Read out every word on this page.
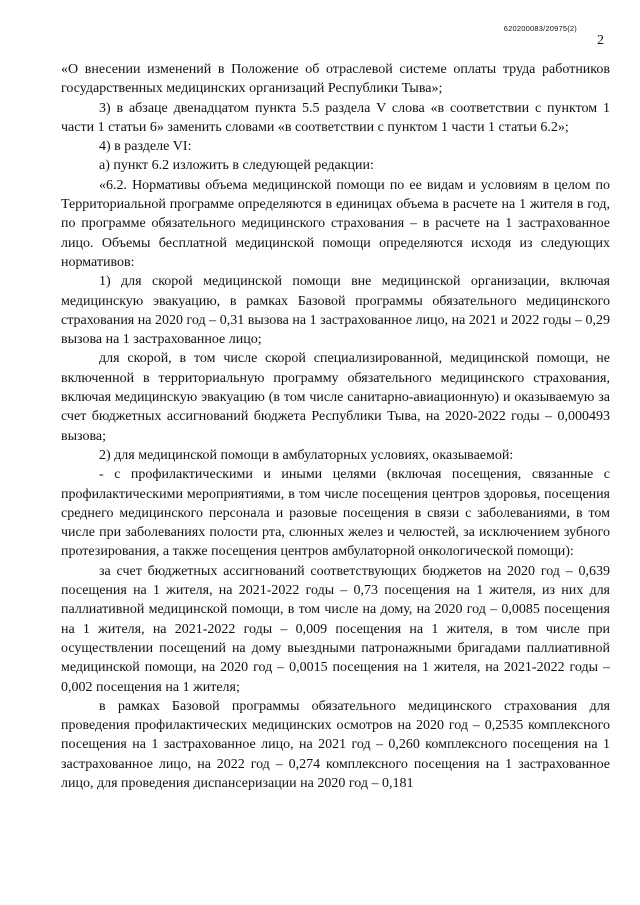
620200083/20975(2)
2

«О внесении изменений в Положение об отраслевой системе оплаты труда работников государственных медицинских организаций Республики Тыва»;

3) в абзаце двенадцатом пункта 5.5 раздела V слова «в соответствии с пунктом 1 части 1 статьи 6» заменить словами «в соответствии с пунктом 1 части 1 статьи 6.2»;

4) в разделе VI:

а) пункт 6.2 изложить в следующей редакции:

«6.2. Нормативы объема медицинской помощи по ее видам и условиям в целом по Территориальной программе определяются в единицах объема в расчете на 1 жителя в год, по программе обязательного медицинского страхования – в расчете на 1 застрахованное лицо. Объемы бесплатной медицинской помощи определяются исходя из следующих нормативов:

1) для скорой медицинской помощи вне медицинской организации, включая медицинскую эвакуацию, в рамках Базовой программы обязательного медицинского страхования на 2020 год – 0,31 вызова на 1 застрахованное лицо, на 2021 и 2022 годы – 0,29 вызова на 1 застрахованное лицо;

для скорой, в том числе скорой специализированной, медицинской помощи, не включенной в территориальную программу обязательного медицинского страхования, включая медицинскую эвакуацию (в том числе санитарно-авиационную) и оказываемую за счет бюджетных ассигнований бюджета Республики Тыва, на 2020-2022 годы – 0,000493 вызова;

2) для медицинской помощи в амбулаторных условиях, оказываемой:

- с профилактическими и иными целями (включая посещения, связанные с профилактическими мероприятиями, в том числе посещения центров здоровья, посещения среднего медицинского персонала и разовые посещения в связи с заболеваниями, в том числе при заболеваниях полости рта, слюнных желез и челюстей, за исключением зубного протезирования, а также посещения центров амбулаторной онкологической помощи):

за счет бюджетных ассигнований соответствующих бюджетов на 2020 год – 0,639 посещения на 1 жителя, на 2021-2022 годы – 0,73 посещения на 1 жителя, из них для паллиативной медицинской помощи, в том числе на дому, на 2020 год – 0,0085 посещения на 1 жителя, на 2021-2022 годы – 0,009 посещения на 1 жителя, в том числе при осуществлении посещений на дому выездными патронажными бригадами паллиативной медицинской помощи, на 2020 год – 0,0015 посещения на 1 жителя, на 2021-2022 годы – 0,002 посещения на 1 жителя;

в рамках Базовой программы обязательного медицинского страхования для проведения профилактических медицинских осмотров на 2020 год – 0,2535 комплексного посещения на 1 застрахованное лицо, на 2021 год – 0,260 комплексного посещения на 1 застрахованное лицо, на 2022 год – 0,274 комплексного посещения на 1 застрахованное лицо, для проведения диспансеризации на 2020 год – 0,181
